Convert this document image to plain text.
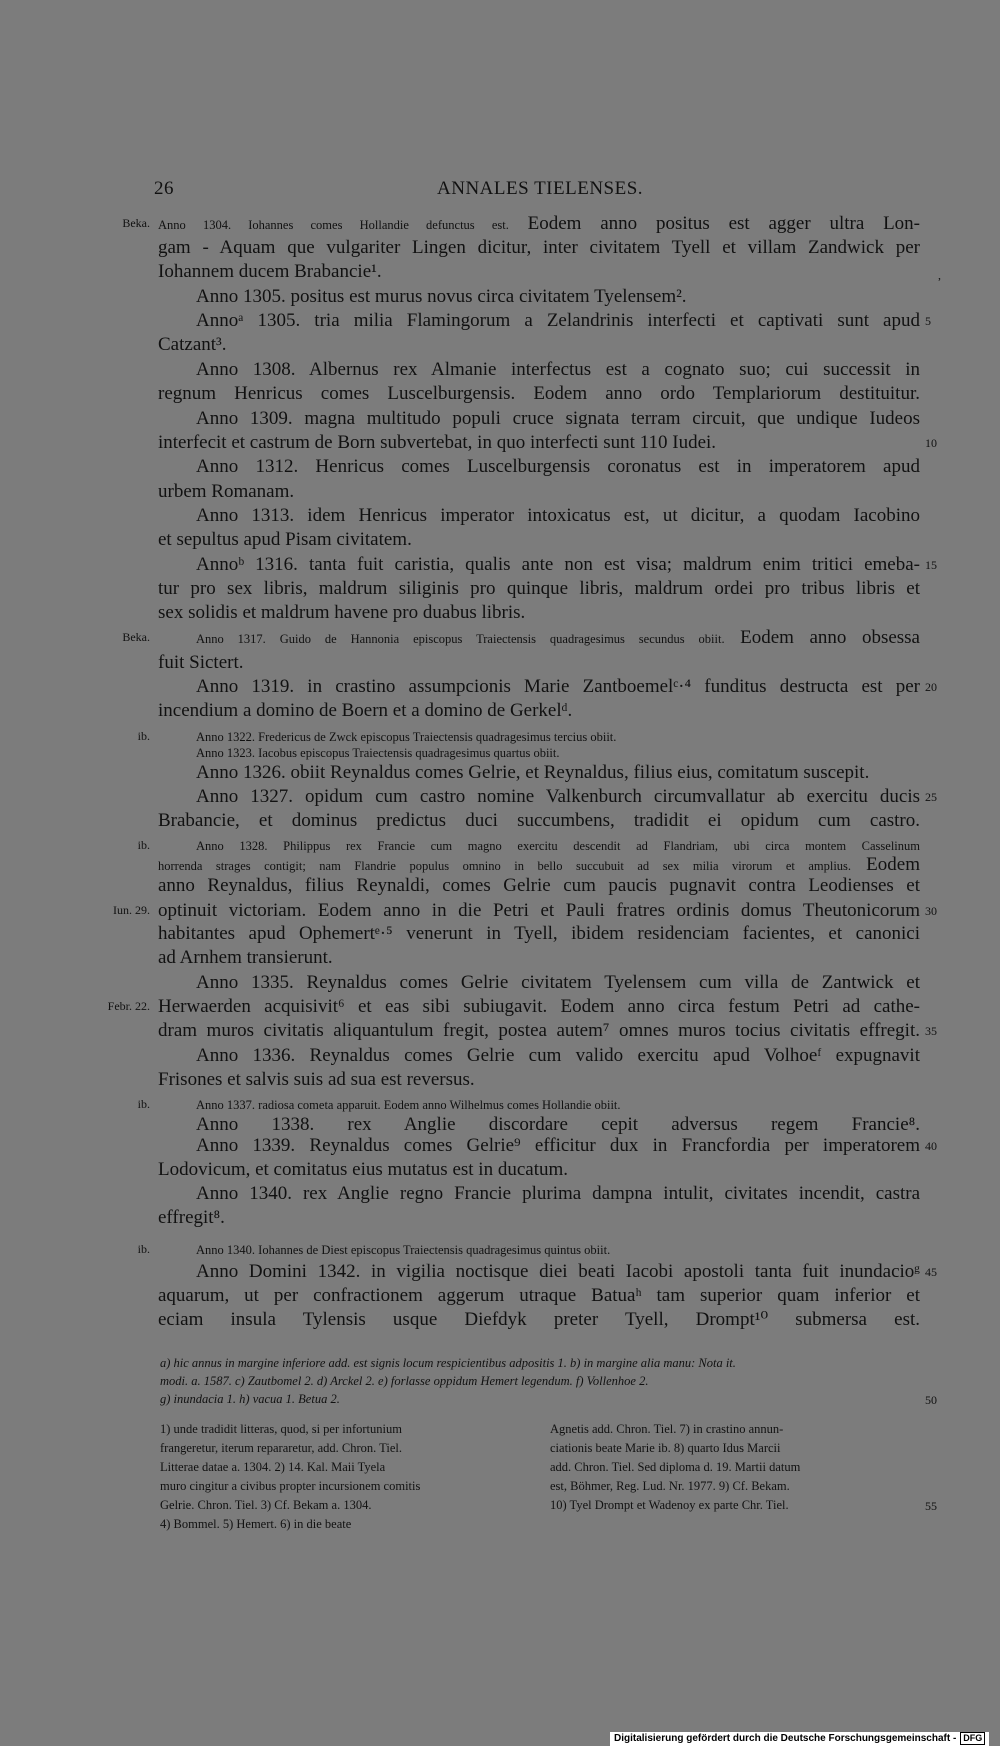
26	ANNALES TIELENSES.
,
Anno 1304. Iohannes comes Hollandie defunctus est. Eodem anno positus est agger ultra Lon-
Beka.
gam - Aquam que vulgariter Lingen dicitur, inter civitatem Tyell et villam Zandwick per
Iohannem ducem Brabancie¹.
Anno 1305. positus est murus novus circa civitatem Tyelensem².
Annoᵃ 1305. tria milia Flamingorum a Zelandrinis interfecti et captivati sunt apud 5
Catzant³.
Anno 1308. Albernus rex Almanie interfectus est a cognato suo; cui successit in
regnum Henricus comes Luscelburgensis. Eodem anno ordo Templariorum destituitur.
Anno 1309. magna multitudo populi cruce signata terram circuit, que undique Iudeos
interfecit et castrum de Born subvertebat, in quo interfecti sunt 110 Iudei.	10
Anno 1312. Henricus comes Luscelburgensis coronatus est in imperatorem apud
urbem Romanam.
Anno 1313. idem Henricus imperator intoxicatus est, ut dicitur, a quodam Iacobino
et sepultus apud Pisam civitatem.
Annoᵇ 1316. tanta fuit caristia, qualis ante non est visa; maldrum enim tritici emeba- 15
tur pro sex libris, maldrum siliginis pro quinque libris, maldrum ordei pro tribus libris et
sex solidis et maldrum havene pro duabus libris.
Anno 1317. Guido de Hannonia episcopus Traiectensis quadragesimus secundus obiit. Eodem anno obsessa
Beka.
fuit Sictert.
Anno 1319. in crastino assumpcionis Marie Zantboemelᶜ·⁴ funditus destructa est per 20
incendium a domino de Boern et a domino de Gerkelᵈ.
Anno 1322. Fredericus de Zwck episcopus Traiectensis quadragesimus tercius obiit.
ib.
Anno 1323. Iacobus episcopus Traiectensis quadragesimus quartus obiit.
Anno 1326. obiit Reynaldus comes Gelrie, et Reynaldus, filius eius, comitatum suscepit.
Anno 1327. opidum cum castro nomine Valkenburch circumvallatur ab exercitu ducis 25
Brabancie, et dominus predictus duci succumbens, tradidit ei opidum cum castro.
Anno 1328. Philippus rex Francie cum magno exercitu descendit ad Flandriam, ubi circa montem Casselinum
ib.
horrenda strages contigit; nam Flandrie populus omnino in bello succubuit ad sex milia virorum et amplius. Eodem
anno Reynaldus, filius Reynaldi, comes Gelrie cum paucis pugnavit contra Leodienses et
optinuit victoriam. Eodem anno in die Petri et Pauli fratres ordinis domus Theutonicorum
Iun. 29.	30
habitantes apud Ophemertᵉ·⁵ venerunt in Tyell, ibidem residenciam facientes, et canonici
ad Arnhem transierunt.
Anno 1335. Reynaldus comes Gelrie civitatem Tyelensem cum villa de Zantwick et
Herwaerden acquisivit⁶ et eas sibi subiugavit. Eodem anno circa festum Petri ad cathe-
Febr. 22.
dram muros civitatis aliquantulum fregit, postea autem⁷ omnes muros tocius civitatis effregit. 35
Anno 1336. Reynaldus comes Gelrie cum valido exercitu apud Volhoeᶠ expugnavit
Frisones et salvis suis ad sua est reversus.
Anno 1337. radiosa cometa apparuit. Eodem anno Wilhelmus comes Hollandie obiit.
ib.
Anno 1338. rex Anglie discordare cepit adversus regem Francie⁸.
Anno 1339. Reynaldus comes Gelrie⁹ efficitur dux in Francfordia per imperatorem 40
Lodovicum, et comitatus eius mutatus est in ducatum.
Anno 1340. rex Anglie regno Francie plurima dampna intulit, civitates incendit, castra
effregit⁸.
Anno 1340. Iohannes de Diest episcopus Traiectensis quadragesimus quintus obiit.
ib.
Anno Domini 1342. in vigilia noctisque diei beati Iacobi apostoli tanta fuit inundacioᵍ 45
aquarum, ut per confractionem aggerum utraque Batuaʰ tam superior quam inferior et
eciam insula Tylensis usque Diefdyk preter Tyell, Drompt¹⁰ submersa est.
a) hic annus in margine inferiore add. est signis locum respicientibus adpositis 1. b) in margine alia manu: Nota it.
modi. a. 1587. c) Zautbomel 2. d) Arckel 2. e) forlasse oppidum Hemert legendum. f) Vollenhoe 2.
g) inundacia 1. h) vacua 1. Betua 2.	50
1) unde tradidit litteras, quod, si per infortunium
frangeretur, iterum repararetur, add. Chron. Tiel.
Litterae datae a. 1304. 2) 14. Kal. Maii Tyela
muro cingitur a civibus propter incursionem comitis
Gelrie. Chron. Tiel. 3) Cf. Bekam a. 1304.
4) Bommel. 5) Hemert. 6) in die beate
Agnetis add. Chron. Tiel. 7) in crastino annun-
ciationis beate Marie ib. 8) quarto Idus Marcii
add. Chron. Tiel. Sed diploma d. 19. Martii datum
est, Böhmer, Reg. Lud. Nr. 1977. 9) Cf. Bekam.
10) Tyel Drompt et Wadenoy ex parte Chr. Tiel.	55
Digitalisierung gefördert durch die Deutsche Forschungsgemeinschaft - DFG
